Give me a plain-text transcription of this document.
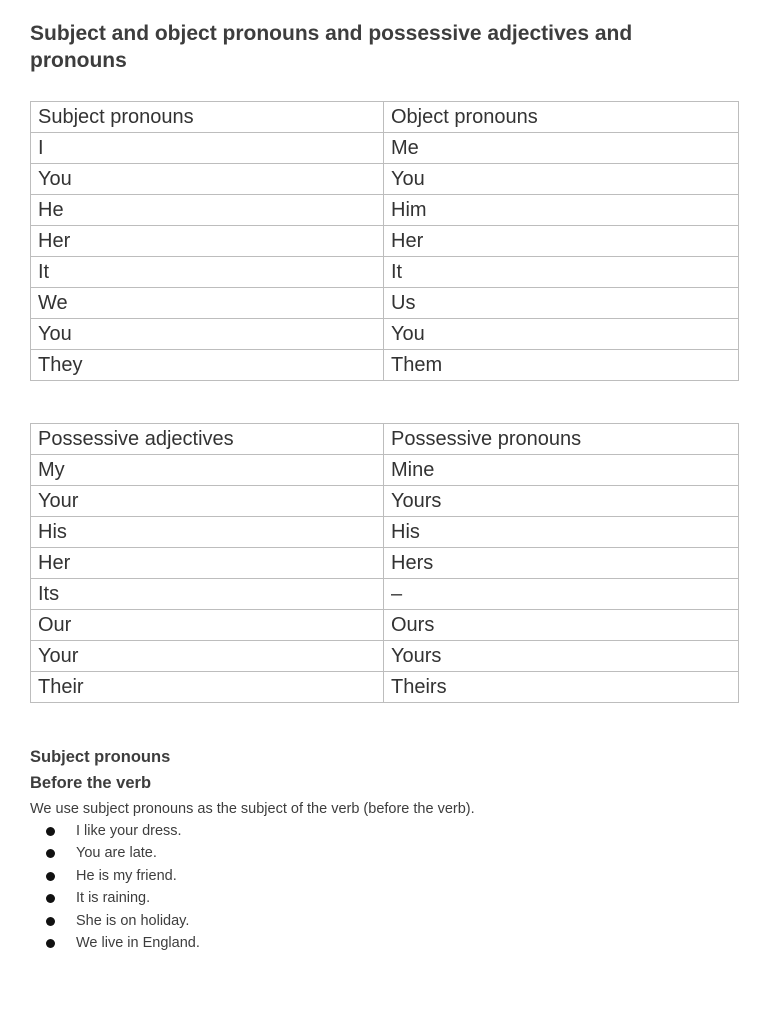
Subject and object pronouns and possessive adjectives and pronouns
Subject pronouns	Object pronouns
I	Me
You	You
He	Him
Her	Her
It	It
We	Us
You	You
They	Them
Possessive adjectives	Possessive pronouns
My	Mine
Your	Yours
His	His
Her	Hers
Its	–
Our	Ours
Your	Yours
Their	Theirs
Subject pronouns
Before the verb

We use subject pronouns as the subject of the verb (before the verb).

I like your dress.
You are late.
He is my friend.
It is raining.
She is on holiday.
We live in England.
